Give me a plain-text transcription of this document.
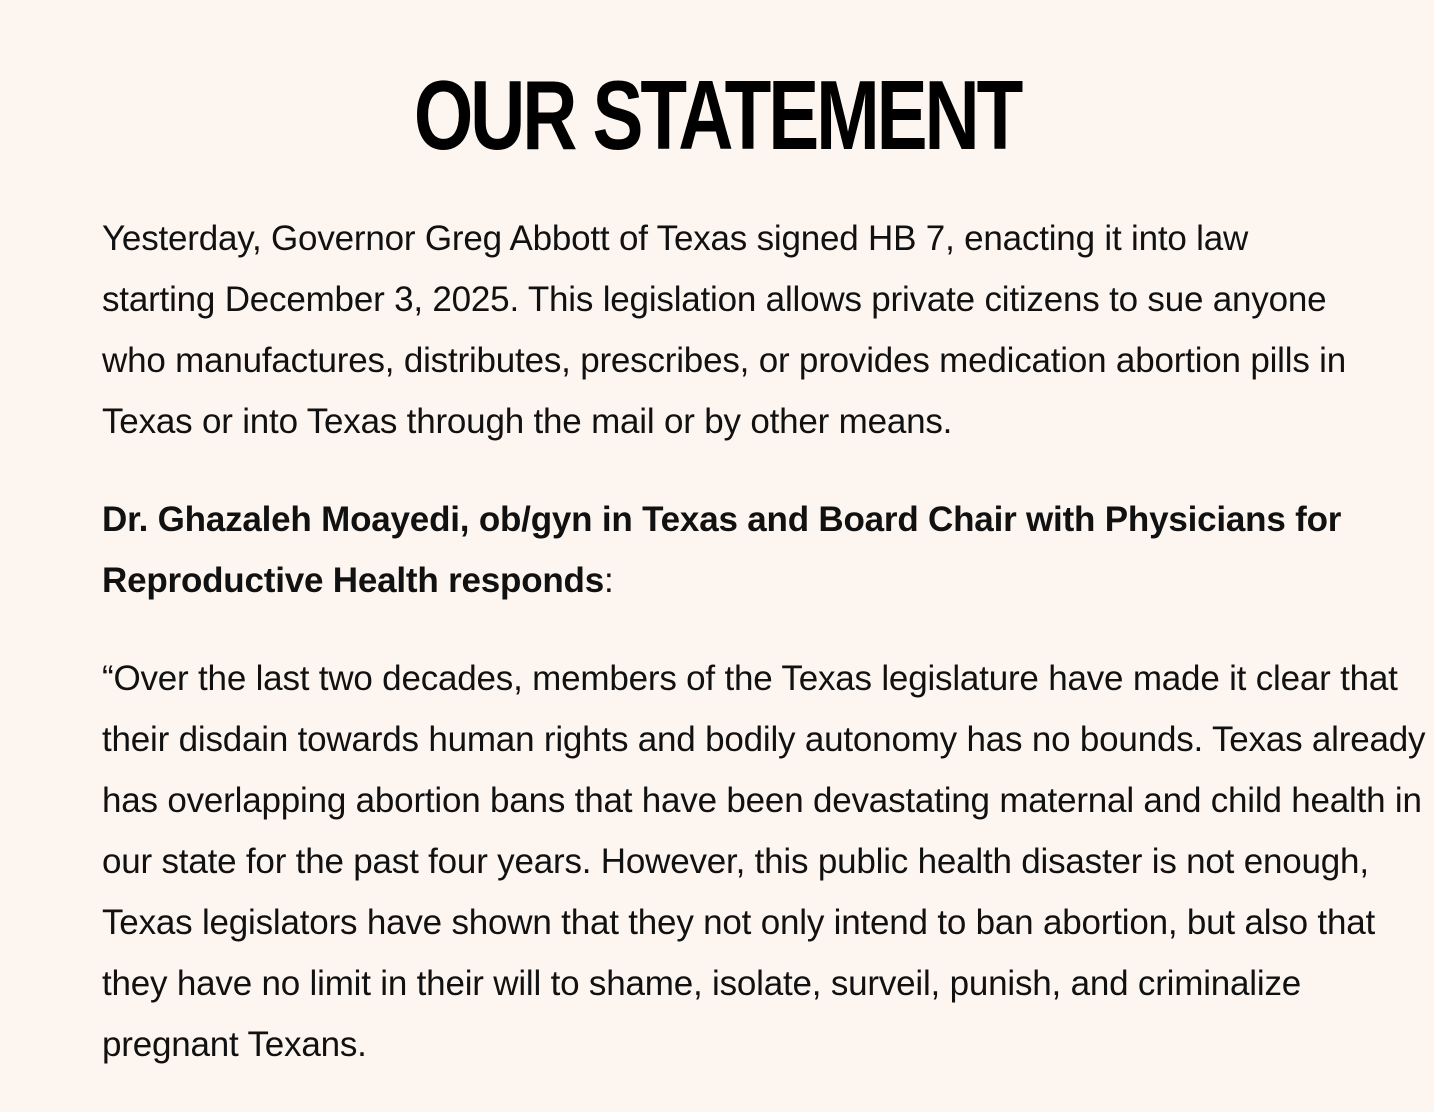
OUR STATEMENT

Yesterday, Governor Greg Abbott of Texas signed HB 7, enacting it into law starting December 3, 2025. This legislation allows private citizens to sue anyone who manufactures, distributes, prescribes, or provides medication abortion pills in Texas or into Texas through the mail or by other means.

Dr. Ghazaleh Moayedi, ob/gyn in Texas and Board Chair with Physicians for Reproductive Health responds:

“Over the last two decades, members of the Texas legislature have made it clear that their disdain towards human rights and bodily autonomy has no bounds. Texas already has overlapping abortion bans that have been devastating maternal and child health in our state for the past four years. However, this public health disaster is not enough, Texas legislators have shown that they not only intend to ban abortion, but also that they have no limit in their will to shame, isolate, surveil, punish, and criminalize pregnant Texans.
